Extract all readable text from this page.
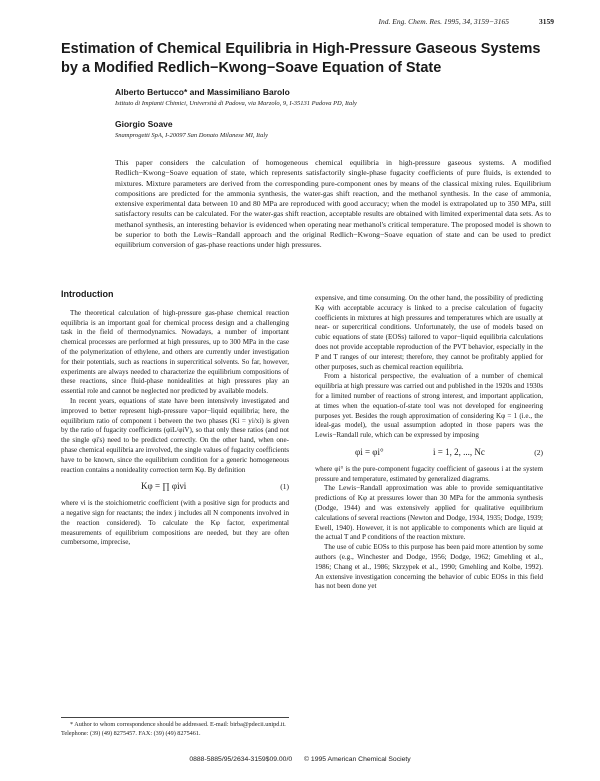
Ind. Eng. Chem. Res. 1995, 34, 3159−3165	3159
Estimation of Chemical Equilibria in High-Pressure Gaseous Systems by a Modified Redlich−Kwong−Soave Equation of State
Alberto Bertucco* and Massimiliano Barolo
Istituto di Impianti Chimici, Università di Padova, via Marzolo, 9, I-35131 Padova PD, Italy
Giorgio Soave
Snamprogetti SpA, I-20097 San Donato Milanese MI, Italy

This paper considers the calculation of homogeneous chemical equilibria in high-pressure gaseous systems. A modified Redlich−Kwong−Soave equation of state, which represents satisfactorily single-phase fugacity coefficients of pure fluids, is extended to mixtures. Mixture parameters are derived from the corresponding pure-component ones by means of the classical mixing rules. Equilibrium compositions are predicted for the ammonia synthesis, the water-gas shift reaction, and the methanol synthesis. In the case of ammonia, extensive experimental data between 10 and 80 MPa are reproduced with good accuracy; when the model is extrapolated up to 350 MPa, still satisfactory results can be calculated. For the water-gas shift reaction, acceptable results are obtained with limited experimental data sets. As to methanol synthesis, an interesting behavior is evidenced when operating near methanol's critical temperature. The proposed model is shown to be superior to both the Lewis−Randall approach and the original Redlich−Kwong−Soave equation of state and can be used to predict equilibrium conversion of gas-phase reactions under high pressures.

Introduction

The theoretical calculation of high-pressure gas-phase chemical reaction equilibria is an important goal for chemical process design and a challenging task in the field of thermodynamics. Nowadays, a number of important chemical processes are performed at high pressures, up to 300 MPa in the case of the polymerization of ethylene, and others are currently under investigation for their potentials, such as reactions in supercritical solvents. So far, however, experiments are always needed to characterize the equilibrium compositions of these reactions, since fluid-phase nonidealities at high pressures play an essential role and cannot be neglected nor predicted by available models.

In recent years, equations of state have been intensively investigated and improved to better represent high-pressure vapor−liquid equilibria; here, the equilibrium ratio of component i between the two phases (Ki = yi/xi) is given by the ratio of fugacity coefficients (φiL/φiV), so that only these ratios (and not the single φi's) need to be predicted correctly. On the other hand, when one-phase chemical equilibria are involved, the single values of fugacity coefficients have to be known, since the equilibrium condition for a generic homogeneous reaction contains a nonideality correction term Kφ. By definition

Kφ = ∏ φiνi	(1)

where νi is the stoichiometric coefficient (with a positive sign for products and a negative sign for reactants; the index j includes all N components involved in the reaction considered). To calculate the Kφ factor, experimental measurements of equilibrium compositions are needed, but they are often cumbersome, imprecise,

expensive, and time consuming. On the other hand, the possibility of predicting Kφ with acceptable accuracy is linked to a precise calculation of fugacity coefficients in mixtures at high pressures and temperatures which are usually at near- or supercritical conditions. Unfortunately, the use of models based on cubic equations of state (EOSs) tailored to vapor−liquid equilibria calculations does not provide acceptable reproduction of the PVT behavior, especially in the P and T ranges of our interest; therefore, they cannot be profitably applied for other purposes, such as chemical reaction equilibria.

From a historical perspective, the evaluation of a number of chemical equilibria at high pressure was carried out and published in the 1920s and 1930s for a limited number of reactions of strong interest, and important application, at times when the equation-of-state tool was not developed for engineering purposes yet. Besides the rough approximation of considering Kφ = 1 (i.e., the ideal-gas model), the usual assumption adopted in those papers was the Lewis−Randall rule, which can be expressed by imposing

φi = φi°	i = 1, 2, ..., Nc	(2)

where φi° is the pure-component fugacity coefficient of gaseous i at the system pressure and temperature, estimated by generalized diagrams.

The Lewis−Randall approximation was able to provide semiquantitative predictions of Kφ at pressures lower than 30 MPa for the ammonia synthesis (Dodge, 1944) and was extensively applied for qualitative equilibrium calculations of several reactions (Newton and Dodge, 1934, 1935; Dodge, 1939; Ewell, 1940). However, it is not applicable to components which are liquid at the actual T and P conditions of the reaction mixture.

The use of cubic EOSs to this purpose has been paid more attention by some authors (e.g., Winchester and Dodge, 1956; Dodge, 1962; Gmehling et al., 1986; Chang et al., 1986; Skrzypek et al., 1990; Gmehling and Kolbe, 1992). An extensive investigation concerning the behavior of cubic EOSs in this field has not been done yet

* Author to whom correspondence should be addressed. E-mail: birba@pdecii.unipd.it. Telephone: (39) (49) 8275457. FAX: (39) (49) 8275461.

0888-5885/95/2634-3159$09.00/0 © 1995 American Chemical Society
